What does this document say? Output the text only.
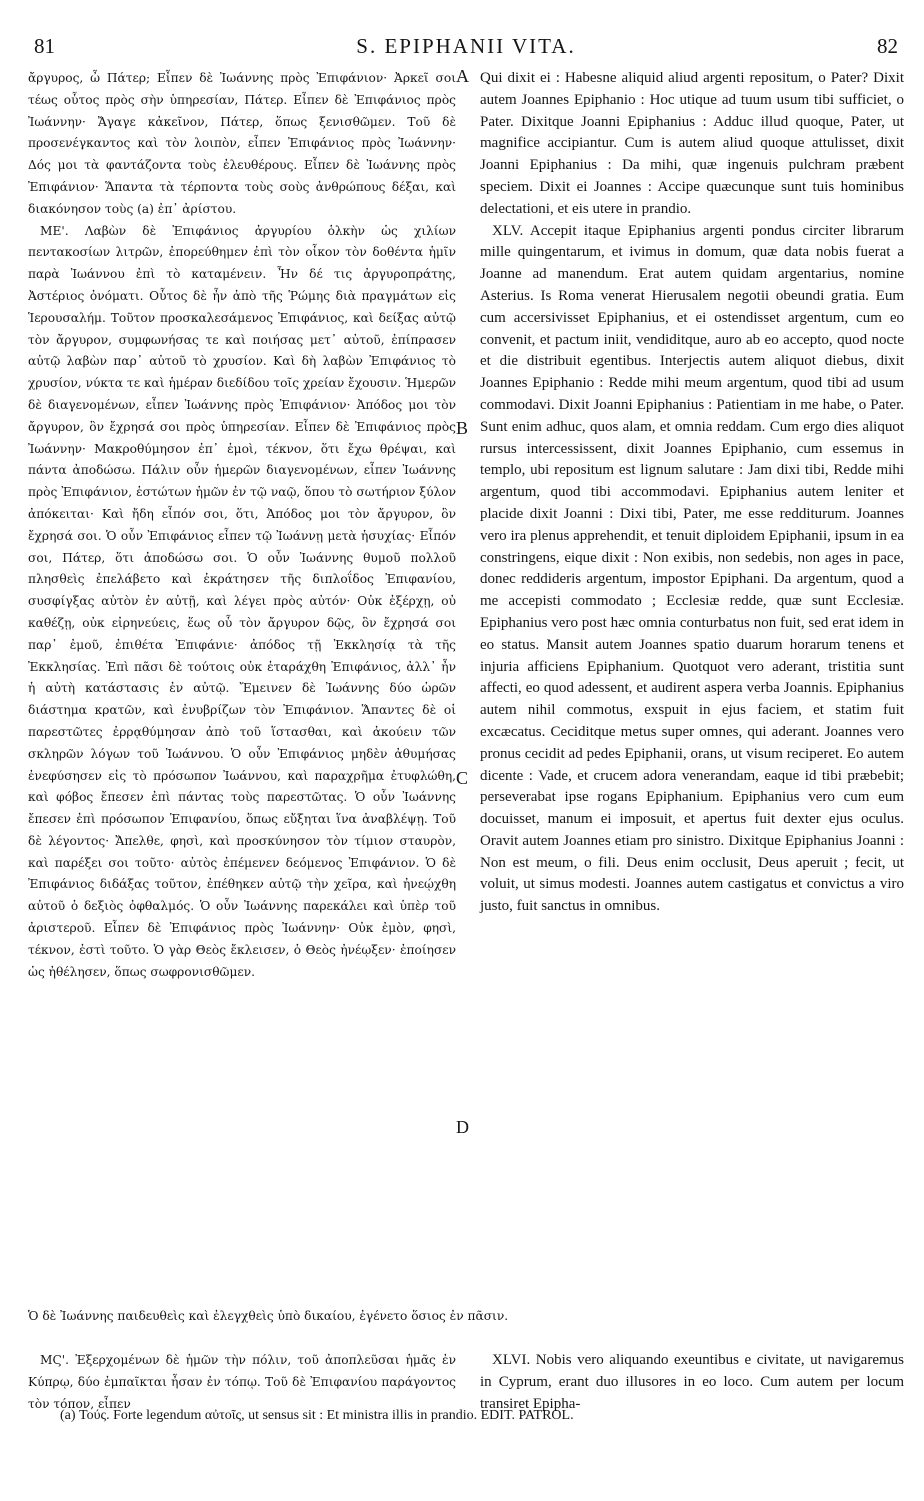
81	S. EPIPHANII VITA.	82

ἄργυρος, ὦ Πάτερ; Εἶπεν δὲ Ἰωάννης πρὸς Ἐπιφάνιον· Ἀρκεῖ σοι τέως οὗτος πρὸς σὴν ὑπηρεσίαν, Πάτερ. Εἶπεν δὲ Ἐπιφάνιος πρὸς Ἰωάννην· Ἄγαγε κἀκεῖνον, Πάτερ, ὅπως ξενισθῶμεν. Τοῦ δὲ προσενέγκαντος καὶ τὸν λοιπὸν, εἶπεν Ἐπιφάνιος πρὸς Ἰωάννην· Δός μοι τὰ φαντάζοντα τοὺς ἐλευθέρους. Εἶπεν δὲ Ἰωάννης πρὸς Ἐπιφάνιον· Ἅπαντα τὰ τέρποντα τοὺς σοὺς ἀνθρώπους δέξαι, καὶ διακόνησον τοὺς (a) ἐπ᾽ ἀρίστου.

ΜΕ'. Λαβὼν δὲ Ἐπιφάνιος ἀργυρίου ὁλκὴν ὡς χιλίων πεντακοσίων λιτρῶν, ἐπορεύθημεν ἐπὶ τὸν οἶκον τὸν δοθέντα ἡμῖν παρὰ Ἰωάννου ἐπὶ τὸ καταμένειν. Ἦν δέ τις ἀργυροπράτης, Ἀστέριος ὀνόματι. Οὗτος δὲ ἦν ἀπὸ τῆς Ῥώμης διὰ πραγμάτων εἰς Ἱερουσαλήμ. Τοῦτον προσκαλεσάμενος Ἐπιφάνιος, καὶ δείξας αὐτῷ τὸν ἄργυρον, συμφωνήσας τε καὶ ποιήσας μετ᾽ αὐτοῦ, ἐπίπρασεν αὐτῷ λαβὼν παρ᾽ αὐτοῦ τὸ χρυσίον. Καὶ δὴ λαβὼν Ἐπιφάνιος τὸ χρυσίον, νύκτα τε καὶ ἡμέραν διεδίδου τοῖς χρείαν ἔχουσιν. Ἡμερῶν δὲ διαγενομένων, εἶπεν Ἰωάννης πρὸς Ἐπιφάνιον· Ἀπόδος μοι τὸν ἄργυρον, ὃν ἔχρησά σοι πρὸς ὑπηρεσίαν. Εἶπεν δὲ Ἐπιφάνιος πρὸς Ἰωάννην· Μακροθύμησον ἐπ᾽ ἐμοὶ, τέκνον, ὅτι ἔχω θρέψαι, καὶ πάντα ἀποδώσω. Πάλιν οὖν ἡμερῶν διαγενομένων, εἶπεν Ἰωάννης πρὸς Ἐπιφάνιον, ἑστώτων ἡμῶν ἐν τῷ ναῷ, ὅπου τὸ σωτήριον ξύλον ἀπόκειται· Καὶ ἤδη εἶπόν σοι, ὅτι, Ἀπόδος μοι τὸν ἄργυρον, ὃν ἔχρησά σοι. Ὁ οὖν Ἐπιφάνιος εἶπεν τῷ Ἰωάννῃ μετὰ ἡσυχίας· Εἶπόν σοι, Πάτερ, ὅτι ἀποδώσω σοι. Ὁ οὖν Ἰωάννης θυμοῦ πολλοῦ πλησθεὶς ἐπελάβετο καὶ ἐκράτησεν τῆς διπλοΐδος Ἐπιφανίου, συσφίγξας αὐτὸν ἐν αὐτῇ, καὶ λέγει πρὸς αὐτόν· Οὐκ ἐξέρχῃ, οὐ καθέζῃ, οὐκ εἰρηνεύεις, ἕως οὗ τὸν ἄργυρον δῷς, ὃν ἔχρησά σοι παρ᾽ ἐμοῦ, ἐπιθέτα Ἐπιφάνιε· ἀπόδος τῇ Ἐκκλησίᾳ τὰ τῆς Ἐκκλησίας. Ἐπὶ πᾶσι δὲ τούτοις οὐκ ἐταράχθη Ἐπιφάνιος, ἀλλ᾽ ἦν ἡ αὐτὴ κατάστασις ἐν αὐτῷ. Ἔμεινεν δὲ Ἰωάννης δύο ὡρῶν διάστημα κρατῶν, καὶ ἐνυβρίζων τὸν Ἐπιφάνιον. Ἅπαντες δὲ οἱ παρεστῶτες ἐρρᾳθύμησαν ἀπὸ τοῦ ἵστασθαι, καὶ ἀκούειν τῶν σκληρῶν λόγων τοῦ Ἰωάννου. Ὁ οὖν Ἐπιφάνιος μηδὲν ἀθυμήσας ἐνεφύσησεν εἰς τὸ πρόσωπον Ἰωάννου, καὶ παραχρῆμα ἐτυφλώθη, καὶ φόβος ἔπεσεν ἐπὶ πάντας τοὺς παρεστῶτας. Ὁ οὖν Ἰωάννης ἔπεσεν ἐπὶ πρόσωπον Ἐπιφανίου, ὅπως εὔξηται ἵνα ἀναβλέψῃ. Τοῦ δὲ λέγοντος· Ἄπελθε, φησὶ, καὶ προσκύνησον τὸν τίμιον σταυρὸν, καὶ παρέξει σοι τοῦτο· αὐτὸς ἐπέμενεν δεόμενος Ἐπιφάνιον. Ὁ δὲ Ἐπιφάνιος διδάξας τοῦτον, ἐπέθηκεν αὐτῷ τὴν χεῖρα, καὶ ἠνεῴχθη αὐτοῦ ὁ δεξιὸς ὀφθαλμός. Ὁ οὖν Ἰωάννης παρεκάλει καὶ ὑπὲρ τοῦ ἀριστεροῦ. Εἶπεν δὲ Ἐπιφάνιος πρὸς Ἰωάννην· Οὐκ ἐμὸν, φησὶ, τέκνον, ἐστὶ τοῦτο. Ὁ γὰρ Θεὸς ἔκλεισεν, ὁ Θεὸς ἠνέῳξεν· ἐποίησεν ὡς ἠθέλησεν, ὅπως σωφρονισθῶμεν.

Qui dixit ei : Habesne aliquid aliud argenti repositum, o Pater? Dixit autem Joannes Epiphanio : Hoc utique ad tuum usum tibi sufficiet, o Pater. Dixitque Joanni Epiphanius : Adduc illud quoque, Pater, ut magnifice accipiantur. Cum is autem aliud quoque attulisset, dixit Joanni Epiphanius : Da mihi, quæ ingenuis pulchram præbent speciem. Dixit ei Joannes : Accipe quæcunque sunt tuis hominibus delectationi, et eis utere in prandio.

XLV. Accepit itaque Epiphanius argenti pondus circiter librarum mille quingentarum, et ivimus in domum, quæ data nobis fuerat a Joanne ad manendum. Erat autem quidam argentarius, nomine Asterius. Is Roma venerat Hierusalem negotii obeundi gratia. Eum cum accersivisset Epiphanius, et ei ostendisset argentum, cum eo convenit, et pactum iniit, vendiditque, auro ab eo accepto, quod nocte et die distribuit egentibus. Interjectis autem aliquot diebus, dixit Joannes Epiphanio : Redde mihi meum argentum, quod tibi ad usum commodavi. Dixit Joanni Epiphanius : Patientiam in me habe, o Pater. Sunt enim adhuc, quos alam, et omnia reddam. Cum ergo dies aliquot rursus intercessissent, dixit Joannes Epiphanio, cum essemus in templo, ubi repositum est lignum salutare : Jam dixi tibi, Redde mihi argentum, quod tibi accommodavi. Epiphanius autem leniter et placide dixit Joanni : Dixi tibi, Pater, me esse redditurum. Joannes vero ira plenus apprehendit, et tenuit diploidem Epiphanii, ipsum in ea constringens, eique dixit : Non exibis, non sedebis, non ages in pace, donec reddideris argentum, impostor Epiphani. Da argentum, quod a me accepisti commodato ; Ecclesiæ redde, quæ sunt Ecclesiæ. Epiphanius vero post hæc omnia conturbatus non fuit, sed erat idem in eo status. Mansit autem Joannes spatio duarum horarum tenens et injuria afficiens Epiphanium. Quotquot vero aderant, tristitia sunt affecti, eo quod adessent, et audirent aspera verba Joannis. Epiphanius autem nihil commotus, exspuit in ejus faciem, et statim fuit excæcatus. Ceciditque metus super omnes, qui aderant. Joannes vero pronus cecidit ad pedes Epiphanii, orans, ut visum reciperet. Eo autem dicente : Vade, et crucem adora venerandam, eaque id tibi præbebit; perseverabat ipse rogans Epiphanium. Epiphanius vero cum eum docuisset, manum ei imposuit, et apertus fuit dexter ejus oculus. Oravit autem Joannes etiam pro sinistro. Dixitque Epiphanius Joanni : Non est meum, o fili. Deus enim occlusit, Deus aperuit ; fecit, ut voluit, ut simus modesti. Joannes autem castigatus et convictus a viro justo, fuit sanctus in omnibus.

A
B
C
D
Ὁ δὲ Ἰωάννης παιδευθεὶς καὶ ἐλεγχθεὶς ὑπὸ δικαίου, ἐγένετο ὅσιος ἐν πᾶσιν.

ΜϚ'. Ἐξερχομένων δὲ ἡμῶν τὴν πόλιν, τοῦ ἀποπλεῦσαι ἡμᾶς ἐν Κύπρῳ, δύο ἐμπαῖκται ἦσαν ἐν τόπῳ. Τοῦ δὲ Ἐπιφανίου παράγοντος τὸν τόπον, εἶπεν

XLVI. Nobis vero aliquando exeuntibus e civitate, ut navigaremus in Cyprum, erant duo illusores in eo loco. Cum autem per locum transiret Epipha-

(a) Τούς. Forte legendum αὐτοῖς, ut sensus sit : Et ministra illis in prandio. EDIT. PATROL.
